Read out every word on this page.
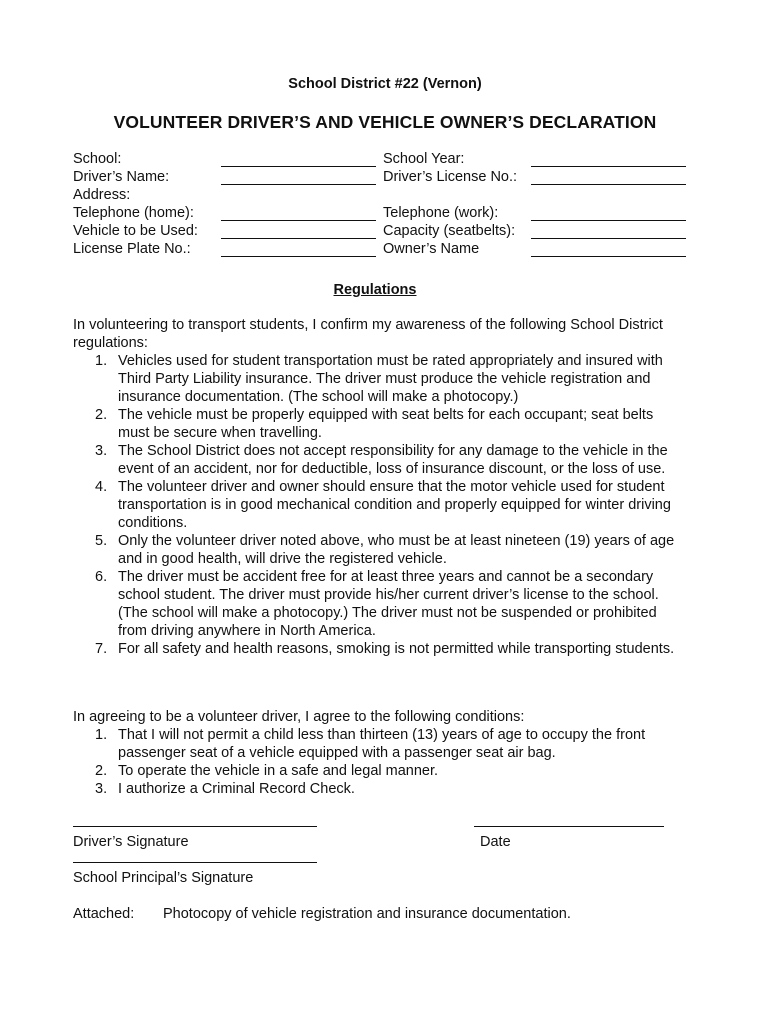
School District #22 (Vernon)
VOLUNTEER DRIVER’S AND VEHICLE OWNER’S DECLARATION
School:	School Year:
Driver’s Name:	Driver’s License No.:
Address:
Telephone (home):	Telephone (work):
Vehicle to be Used:	Capacity (seatbelts):
License Plate No.:	Owner’s Name
Regulations
In volunteering to transport students, I confirm my awareness of the following School District regulations:
1. Vehicles used for student transportation must be rated appropriately and insured with Third Party Liability insurance. The driver must produce the vehicle registration and insurance documentation. (The school will make a photocopy.)
2. The vehicle must be properly equipped with seat belts for each occupant; seat belts must be secure when travelling.
3. The School District does not accept responsibility for any damage to the vehicle in the event of an accident, nor for deductible, loss of insurance discount, or the loss of use.
4. The volunteer driver and owner should ensure that the motor vehicle used for student transportation is in good mechanical condition and properly equipped for winter driving conditions.
5. Only the volunteer driver noted above, who must be at least nineteen (19) years of age and in good health, will drive the registered vehicle.
6. The driver must be accident free for at least three years and cannot be a secondary school student. The driver must provide his/her current driver’s license to the school. (The school will make a photocopy.) The driver must not be suspended or prohibited from driving anywhere in North America.
7. For all safety and health reasons, smoking is not permitted while transporting students.
In agreeing to be a volunteer driver, I agree to the following conditions:
1. That I will not permit a child less than thirteen (13) years of age to occupy the front passenger seat of a vehicle equipped with a passenger seat air bag.
2. To operate the vehicle in a safe and legal manner.
3. I authorize a Criminal Record Check.
Driver’s Signature	Date
School Principal’s Signature
Attached: Photocopy of vehicle registration and insurance documentation.
